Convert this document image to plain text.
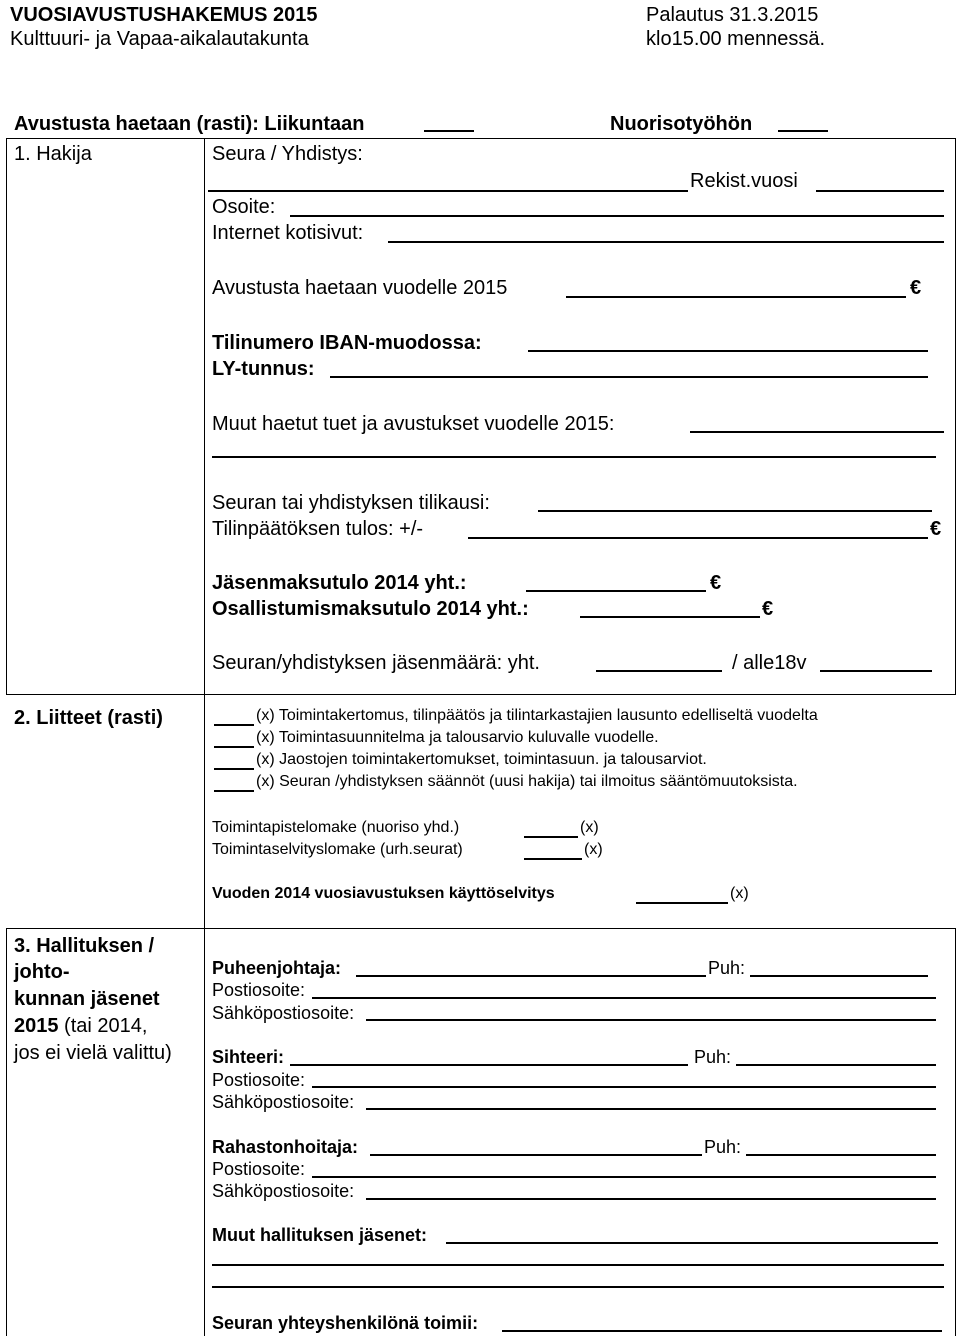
VUOSIAVUSTUSHAKEMUS 2015
Kulttuuri- ja Vapaa-aikalautakunta
Palautus 31.3.2015
klo15.00 mennessä.
Avustusta haetaan (rasti): Liikuntaan	Nuorisotyöhön
1. Hakija	Seura / Yhdistys:
Rekist.vuosi
Osoite:
Internet kotisivut:
Avustusta haetaan vuodelle 2015	€
Tilinumero IBAN-muodossa:
LY-tunnus:
Muut haetut tuet ja avustukset vuodelle 2015:
Seuran tai yhdistyksen tilikausi:
Tilinpäätöksen tulos: +/-	€
Jäsenmaksutulo 2014 yht.:	€
Osallistumismaksutulo 2014 yht.:	€
Seuran/yhdistyksen jäsenmäärä: yht.	/ alle18v
2. Liitteet (rasti)	(x) Toimintakertomus, tilinpäätös ja tilintarkastajien lausunto edelliseltä vuodelta
(x) Toimintasuunnitelma ja talousarvio kuluvalle vuodelle.
(x) Jaostojen toimintakertomukset, toimintasuun. ja talousarviot.
(x) Seuran /yhdistyksen säännöt (uusi hakija) tai ilmoitus sääntömuutoksista.
Toimintapistelomake (nuoriso yhd.)	(x)
Toimintaselvityslomake (urh.seurat)	(x)
Vuoden 2014 vuosiavustuksen käyttöselvitys	(x)
3. Hallituksen /
johto-
kunnan jäsenet
2015 (tai 2014,
jos ei vielä valittu)
Puheenjohtaja:	Puh:
Postiosoite:
Sähköpostiosoite:
Sihteeri:	Puh:
Postiosoite:
Sähköpostiosoite:
Rahastonhoitaja:	Puh:
Postiosoite:
Sähköpostiosoite:
Muut hallituksen jäsenet:
Seuran yhteyshenkilönä toimii:
